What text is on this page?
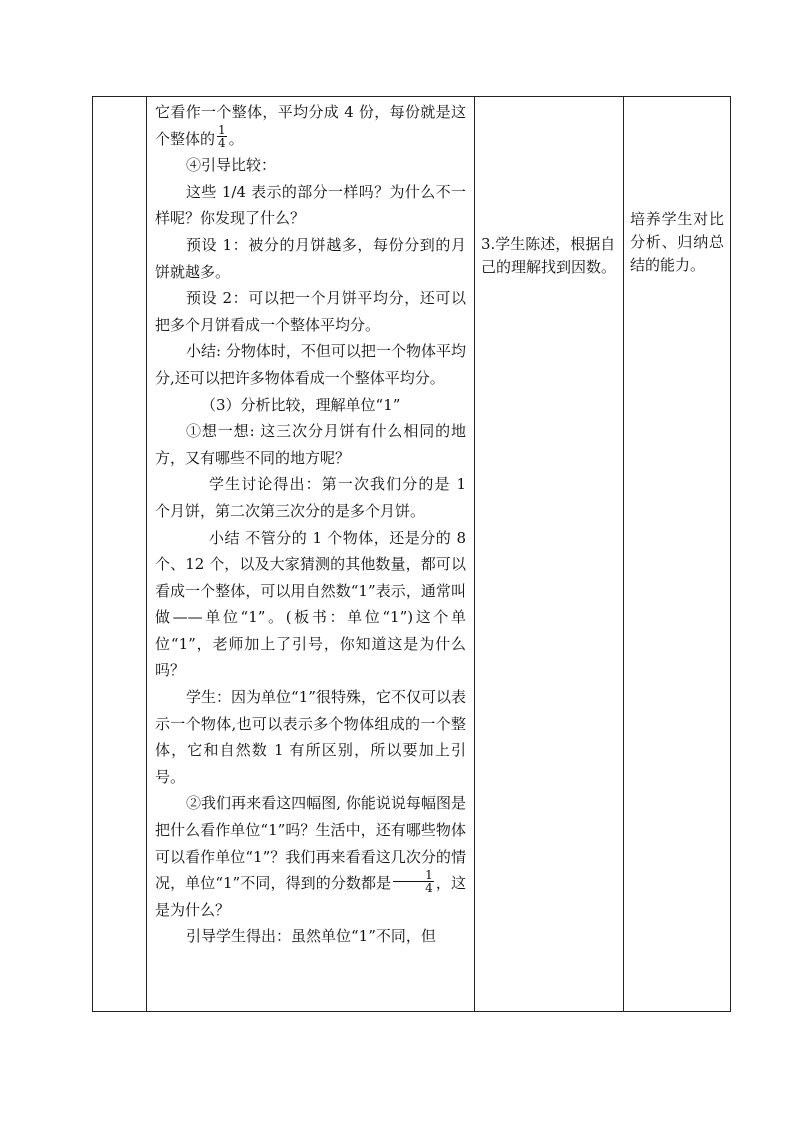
它看作一个整体，平均分成 4 份，每份就是这个整体的 $\frac{1}{4}$ 。

④引导比较：

这些 1/4 表示的部分一样吗？为什么不一样呢？你发现了什么？

预设 1：被分的月饼越多，每份分到的月饼就越多。

预设 2：可以把一个月饼平均分，还可以把多个月饼看成一个整体平均分。

小结: 分物体时，不但可以把一个物体平均分,还可以把许多物体看成一个整体平均分。

（3）分析比较，理解单位“1”

①想一想: 这三次分月饼有什么相同的地方，又有哪些不同的地方呢？

学生讨论得出：第一次我们分的是 1 个月饼，第二次第三次分的是多个月饼。

小结 不管分的 1 个物体，还是分的 8 个、12 个，以及大家猜测的其他数量，都可以看成一个整体，可以用自然数“1”表示，通常叫做——单位“1”。(板书：单位“1”)这个单位“1”，老师加上了引号，你知道这是为什么吗？

学生：因为单位“1”很特殊，它不仅可以表示一个物体,也可以表示多个物体组成的一个整体，它和自然数 1 有所区别，所以要加上引号。

②我们再来看这四幅图, 你能说说每幅图是把什么看作单位“1”吗？生活中，还有哪些物体可以看作单位“1”？我们再来看看这几次分的情况，单位“1”不同，得到的分数都是 $\frac{1}{4}$ ，这是为什么？

引导学生得出：虽然单位“1”不同，但

3.学生陈述，根据自己的理解找到因数。

培养学生对比分析、归纳总结的能力。
